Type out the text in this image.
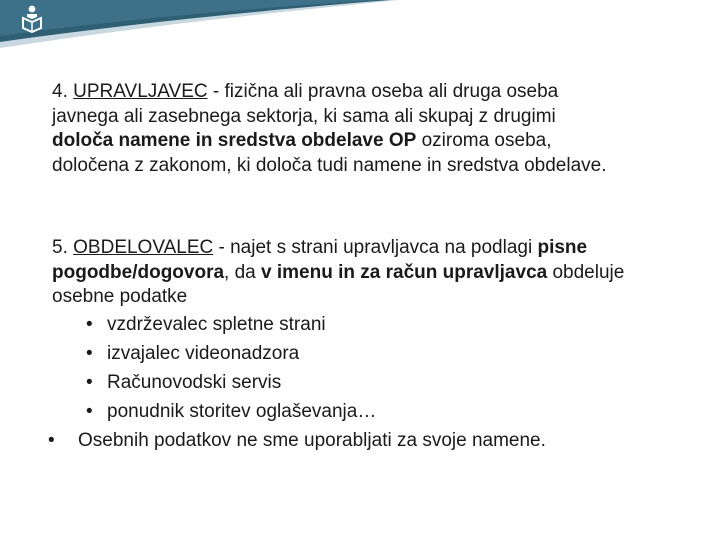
4. UPRAVLJAVEC - fizična ali pravna oseba ali druga oseba

javnega ali zasebnega sektorja, ki sama ali skupaj z drugimi

določa namene in sredstva obdelave OP oziroma oseba,

določena z zakonom, ki določa tudi namene in sredstva obdelave.

5. OBDELOVALEC - najet s strani upravljavca na podlagi pisne

pogodbe/dogovora, da v imenu in za račun upravljavca obdeluje

osebne podatke

• vzdrževalec spletne strani
• izvajalec videonadzora
• Računovodski servis
• ponudnik storitev oglaševanja…
• Osebnih podatkov ne sme uporabljati za svoje namene.
